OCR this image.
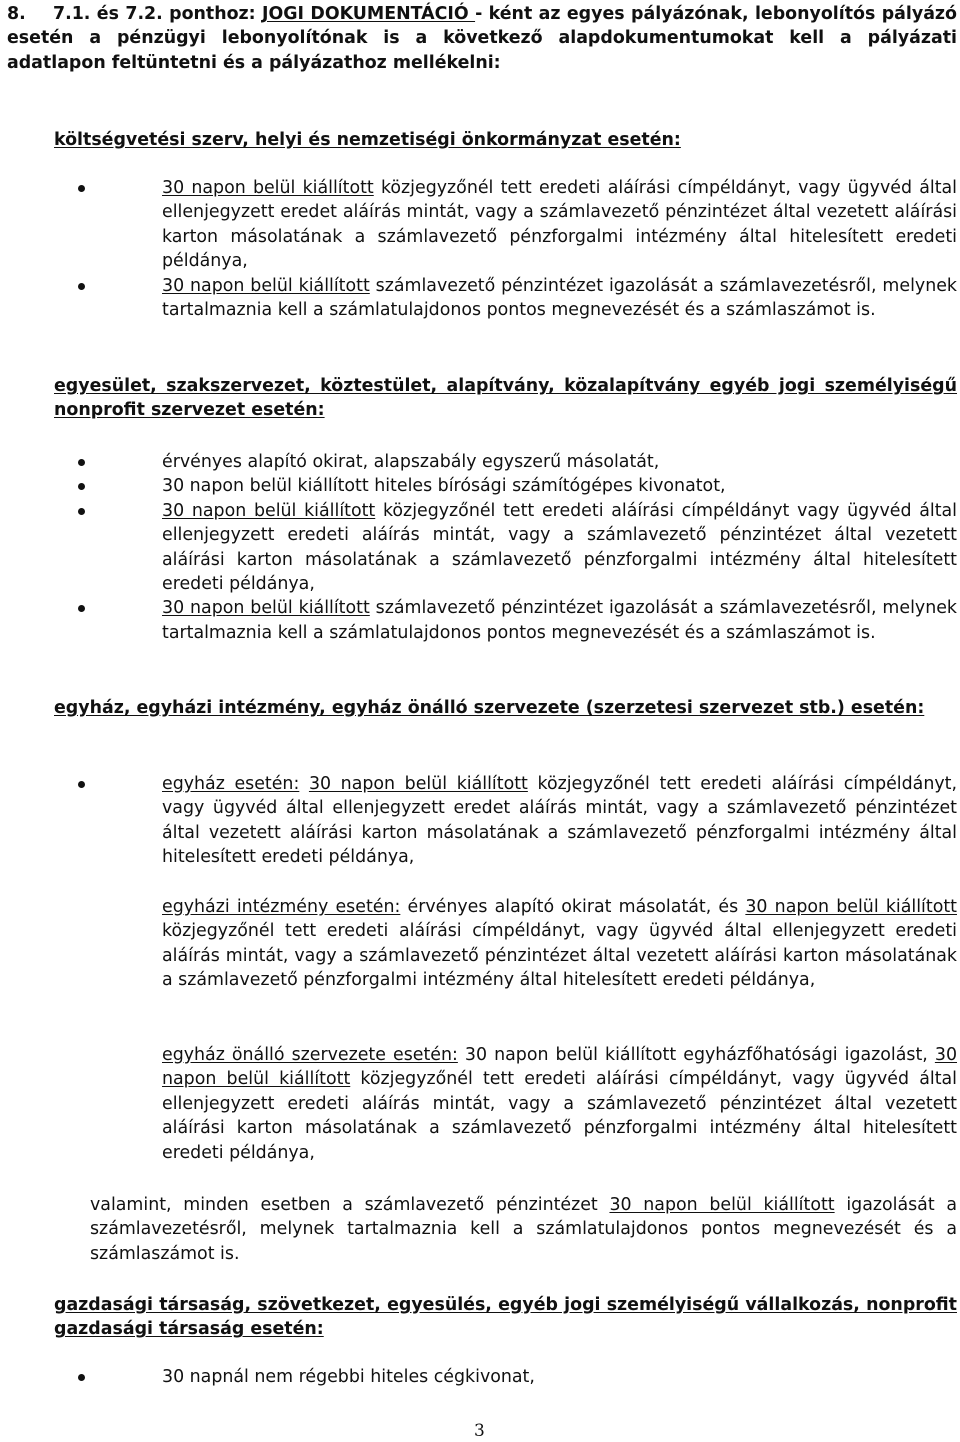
8. 7.1. és 7.2. ponthoz: JOGI DOKUMENTÁCIÓ - ként az egyes pályázónak, lebonyolítós pályázó esetén a pénzügyi lebonyolítónak is a következő alapdokumentumokat kell a pályázati adatlapon feltüntetni és a pályázathoz mellékelni:
költségvetési szerv, helyi és nemzetiségi önkormányzat esetén:
30 napon belül kiállított közjegyzőnél tett eredeti aláírási címpéldányt, vagy ügyvéd által ellenjegyzett eredet aláírás mintát, vagy a számlavezető pénzintézet által vezetett aláírási karton másolatának a számlavezető pénzforgalmi intézmény által hitelesített eredeti példánya,
30 napon belül kiállított számlavezető pénzintézet igazolását a számlavezetésről, melynek tartalmaznia kell a számlatulajdonos pontos megnevezését és a számlaszámot is.
egyesület, szakszervezet, köztestület, alapítvány, közalapítvány egyéb jogi személyiségű nonprofit szervezet esetén:
érvényes alapító okirat, alapszabály egyszerű másolatát,
30 napon belül kiállított hiteles bírósági számítógépes kivonatot,
30 napon belül kiállított közjegyzőnél tett eredeti aláírási címpéldányt vagy ügyvéd által ellenjegyzett eredeti aláírás mintát, vagy a számlavezető pénzintézet által vezetett aláírási karton másolatának a számlavezető pénzforgalmi intézmény által hitelesített eredeti példánya,
30 napon belül kiállított számlavezető pénzintézet igazolását a számlavezetésről, melynek tartalmaznia kell a számlatulajdonos pontos megnevezését és a számlaszámot is.
egyház, egyházi intézmény, egyház önálló szervezete (szerzetesi szervezet stb.) esetén:
egyház esetén: 30 napon belül kiállított közjegyzőnél tett eredeti aláírási címpéldányt, vagy ügyvéd által ellenjegyzett eredet aláírás mintát, vagy a számlavezető pénzintézet által vezetett aláírási karton másolatának a számlavezető pénzforgalmi intézmény által hitelesített eredeti példánya,
egyházi intézmény esetén: érvényes alapító okirat másolatát, és 30 napon belül kiállított közjegyzőnél tett eredeti aláírási címpéldányt, vagy ügyvéd által ellenjegyzett eredeti aláírás mintát, vagy a számlavezető pénzintézet által vezetett aláírási karton másolatának a számlavezető pénzforgalmi intézmény által hitelesített eredeti példánya,
egyház önálló szervezete esetén: 30 napon belül kiállított egyházfőhatósági igazolást, 30 napon belül kiállított közjegyzőnél tett eredeti aláírási címpéldányt, vagy ügyvéd által ellenjegyzett eredeti aláírás mintát, vagy a számlavezető pénzintézet által vezetett aláírási karton másolatának a számlavezető pénzforgalmi intézmény által hitelesített eredeti példánya,
valamint, minden esetben a számlavezető pénzintézet 30 napon belül kiállított igazolását a számlavezetésről, melynek tartalmaznia kell a számlatulajdonos pontos megnevezését és a számlaszámot is.
gazdasági társaság, szövetkezet, egyesülés, egyéb jogi személyiségű vállalkozás, nonprofit gazdasági társaság esetén:
30 napnál nem régebbi hiteles cégkivonat,
3
